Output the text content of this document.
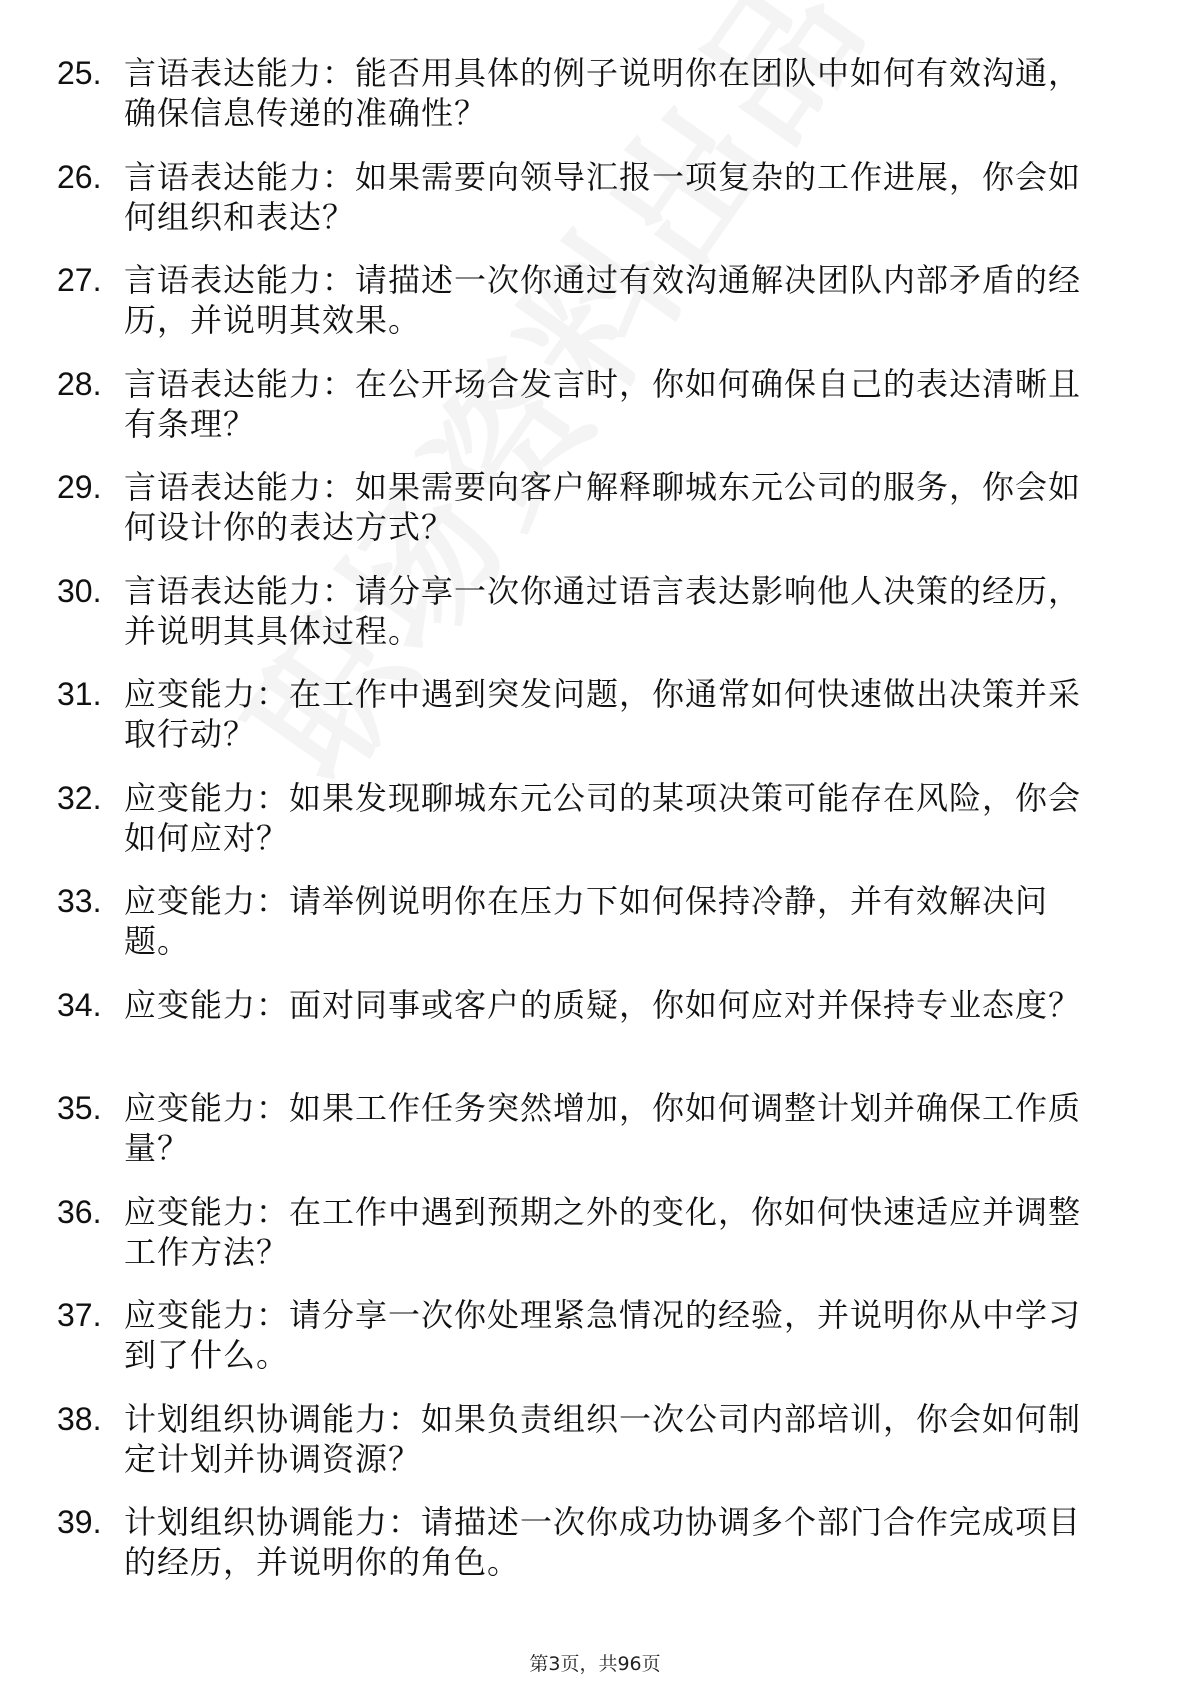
25. 言语表达能力：能否用具体的例子说明你在团队中如何有效沟通，确保信息传递的准确性？
26. 言语表达能力：如果需要向领导汇报一项复杂的工作进展，你会如何组织和表达？
27. 言语表达能力：请描述一次你通过有效沟通解决团队内部矛盾的经历，并说明其效果。
28. 言语表达能力：在公开场合发言时，你如何确保自己的表达清晰且有条理？
29. 言语表达能力：如果需要向客户解释聊城东元公司的服务，你会如何设计你的表达方式？
30. 言语表达能力：请分享一次你通过语言表达影响他人决策的经历，并说明其具体过程。
31. 应变能力：在工作中遇到突发问题，你通常如何快速做出决策并采取行动？
32. 应变能力：如果发现聊城东元公司的某项决策可能存在风险，你会如何应对？
33. 应变能力：请举例说明你在压力下如何保持冷静，并有效解决问题。
34. 应变能力：面对同事或客户的质疑，你如何应对并保持专业态度？
35. 应变能力：如果工作任务突然增加，你如何调整计划并确保工作质量？
36. 应变能力：在工作中遇到预期之外的变化，你如何快速适应并调整工作方法？
37. 应变能力：请分享一次你处理紧急情况的经验，并说明你从中学习到了什么。
38. 计划组织协调能力：如果负责组织一次公司内部培训，你会如何制定计划并协调资源？
39. 计划组织协调能力：请描述一次你成功协调多个部门合作完成项目的经历，并说明你的角色。
第3页，共96页
